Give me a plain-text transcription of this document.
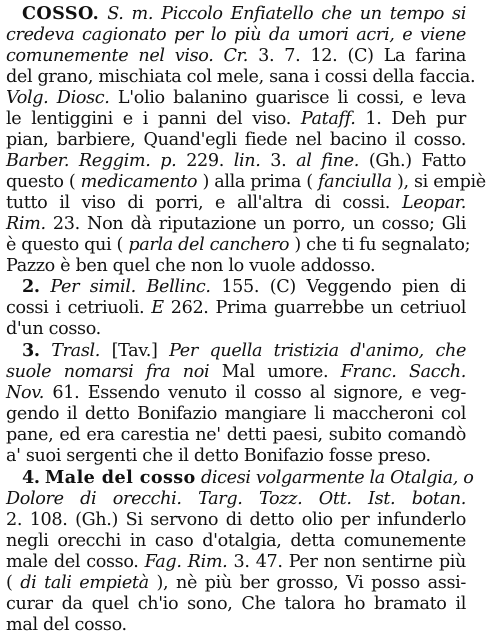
COSSO. S. m. Piccolo Enfiatello che un tempo si
credeva cagionato per lo più da umori acri, e viene
comunemente nel viso. Cr. 3. 7. 12. (C) La farina
del grano, mischiata col mele, sana i cossi della faccia.
Volg. Diosc. L'olio balanino guarisce li cossi, e leva
le lentiggini e i panni del viso. Pataff. 1. Deh pur
pian, barbiere, Quand'egli fiede nel bacino il cosso.
Barber. Reggim. p. 229. lin. 3. al fine. (Gh.) Fatto
questo ( medicamento ) alla prima ( fanciulla ), si empiè
tutto il viso di porri, e all'altra di cossi. Leopar.
Rim. 23. Non dà riputazione un porro, un cosso; Gli
è questo qui ( parla del canchero ) che ti fu segnalato;
Pazzo è ben quel che non lo vuole addosso.
2. Per simil. Bellinc. 155. (C) Veggendo pien di
cossi i cetriuoli. E 262. Prima guarrebbe un cetriuol
d'un cosso.
3. Trasl. [Tav.] Per quella tristizia d'animo, che
suole nomarsi fra noi Mal umore. Franc. Sacch.
Nov. 61. Essendo venuto il cosso al signore, e veg-
gendo il detto Bonifazio mangiare li maccheroni col
pane, ed era carestia ne' detti paesi, subito comandò
a' suoi sergenti che il detto Bonifazio fosse preso.
4. Male del cosso dicesi volgarmente la Otalgia, o
Dolore di orecchi. Targ. Tozz. Ott. Ist. botan.
2. 108. (Gh.) Si servono di detto olio per infunderlo
negli orecchi in caso d'otalgia, detta comunemente
male del cosso. Fag. Rim. 3. 47. Per non sentirne più
( di tali empietà ), nè più ber grosso, Vi posso assi-
curar da quel ch'io sono, Che talora ho bramato il
mal del cosso.
